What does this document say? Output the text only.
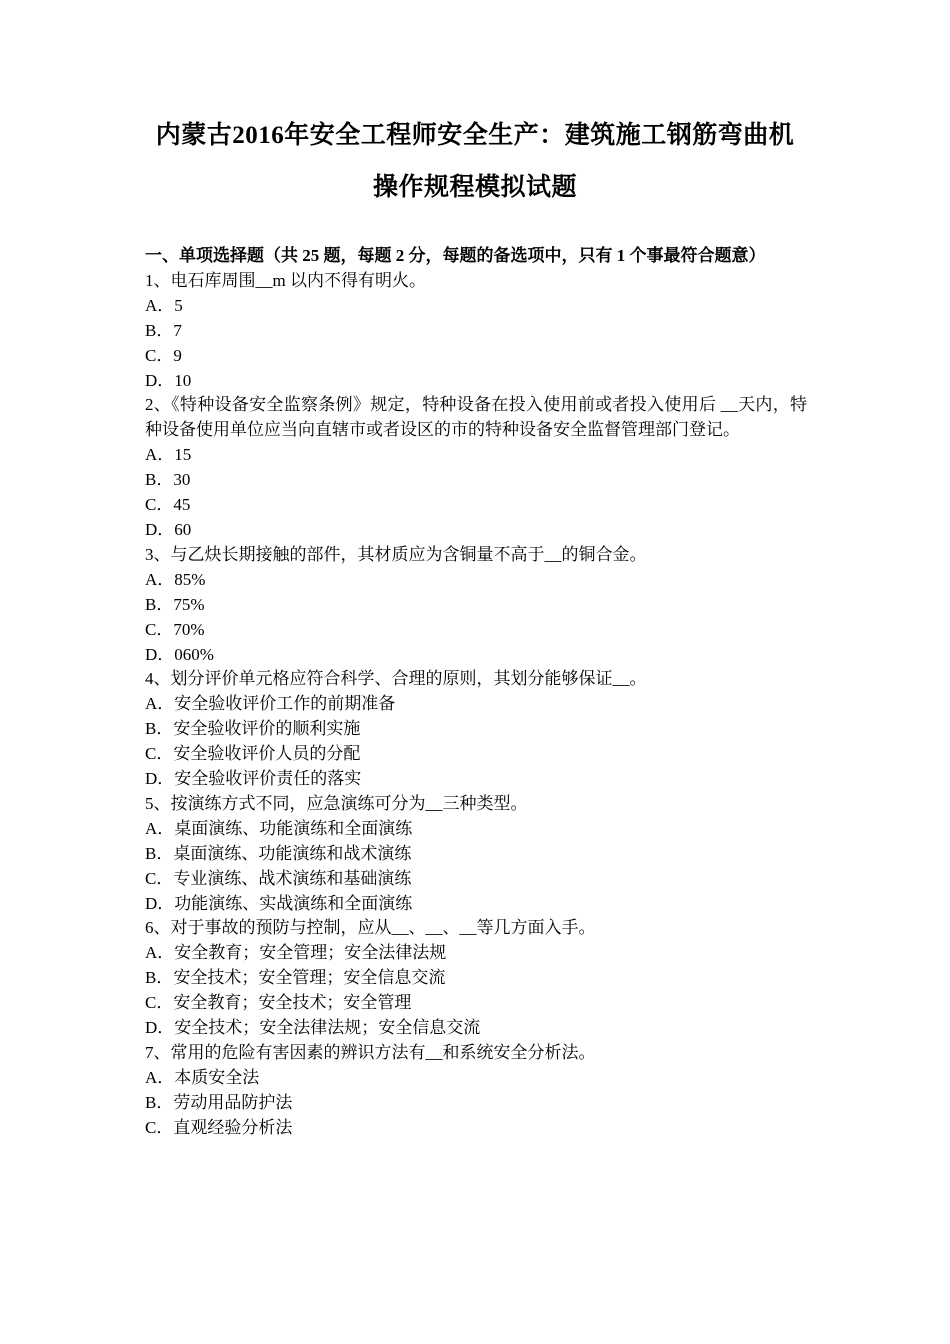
内蒙古2016年安全工程师安全生产：建筑施工钢筋弯曲机
操作规程模拟试题
一、单项选择题（共 25 题，每题 2 分，每题的备选项中，只有 1 个事最符合题意）
1、电石库周围__m 以内不得有明火。
A．5
B．7
C．9
D．10
2、《特种设备安全监察条例》规定，特种设备在投入使用前或者投入使用后 __天内，特种设备使用单位应当向直辖市或者设区的市的特种设备安全监督管理部门登记。
A．15
B．30
C．45
D．60
3、与乙炔长期接触的部件，其材质应为含铜量不高于__的铜合金。
A．85%
B．75%
C．70%
D．060%
4、划分评价单元格应符合科学、合理的原则，其划分能够保证__。
A．安全验收评价工作的前期准备
B．安全验收评价的顺利实施
C．安全验收评价人员的分配
D．安全验收评价责任的落实
5、按演练方式不同，应急演练可分为__三种类型。
A．桌面演练、功能演练和全面演练
B．桌面演练、功能演练和战术演练
C．专业演练、战术演练和基础演练
D．功能演练、实战演练和全面演练
6、对于事故的预防与控制，应从__、__、__等几方面入手。
A．安全教育；安全管理；安全法律法规
B．安全技术；安全管理；安全信息交流
C．安全教育；安全技术；安全管理
D．安全技术；安全法律法规；安全信息交流
7、常用的危险有害因素的辨识方法有__和系统安全分析法。
A．本质安全法
B．劳动用品防护法
C．直观经验分析法
